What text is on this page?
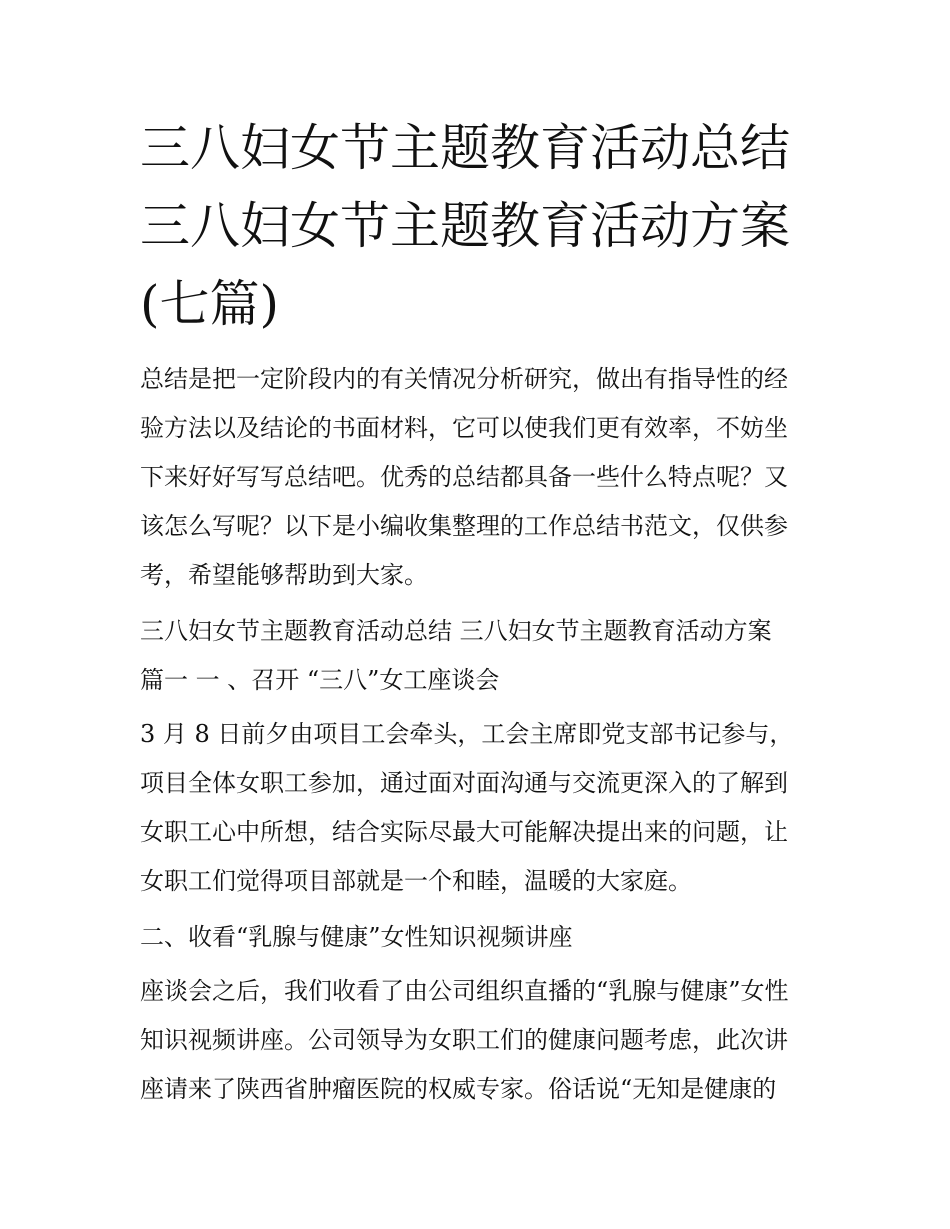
三八妇女节主题教育活动总结
三八妇女节主题教育活动方案
(七篇)
总结是把一定阶段内的有关情况分析研究，做出有指导性的经
验方法以及结论的书面材料，它可以使我们更有效率，不妨坐
下来好好写写总结吧。优秀的总结都具备一些什么特点呢？又
该怎么写呢？以下是小编收集整理的工作总结书范文，仅供参
考，希望能够帮助到大家。
三八妇女节主题教育活动总结 三八妇女节主题教育活动方案
篇一 一 、召开 “三八”女工座谈会
3 月 8 日前夕由项目工会牵头，工会主席即党支部书记参与，
项目全体女职工参加，通过面对面沟通与交流更深入的了解到
女职工心中所想，结合实际尽最大可能解决提出来的问题，让
女职工们觉得项目部就是一个和睦，温暖的大家庭。
二、收看“乳腺与健康”女性知识视频讲座
座谈会之后，我们收看了由公司组织直播的“乳腺与健康”女性
知识视频讲座。公司领导为女职工们的健康问题考虑，此次讲
座请来了陕西省肿瘤医院的权威专家。俗话说“无知是健康的
